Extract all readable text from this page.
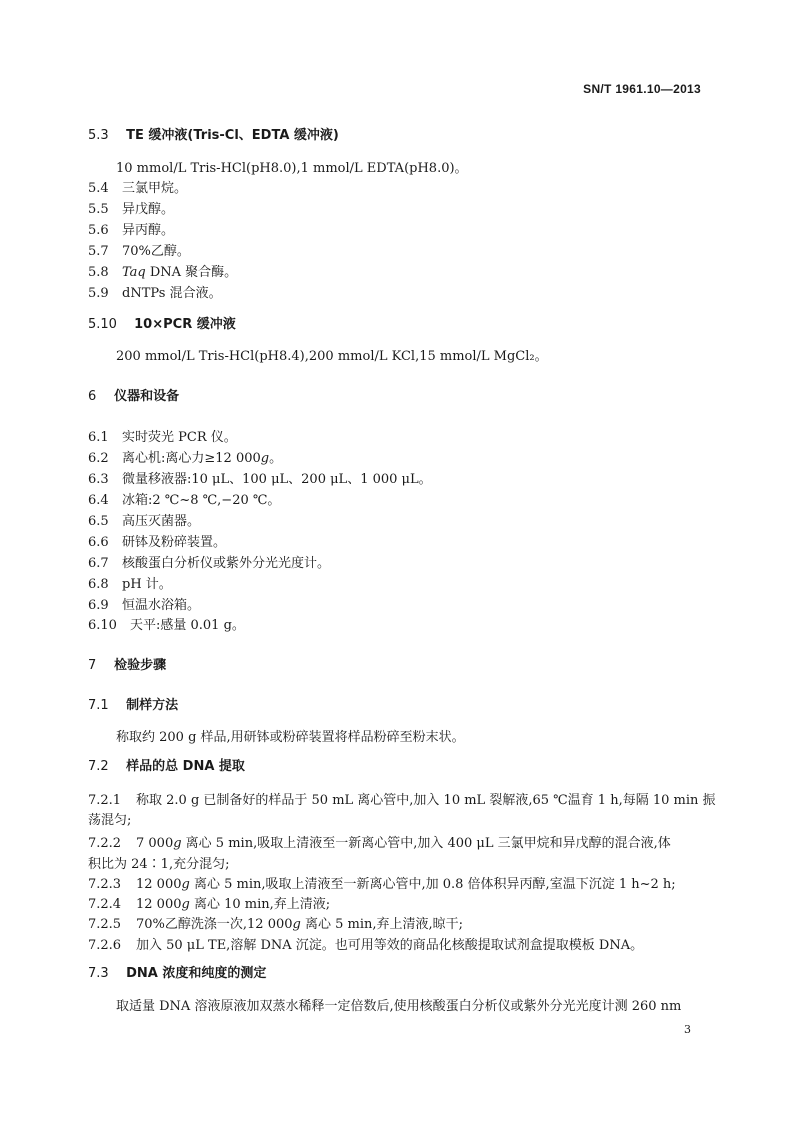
SN/T 1961.10—2013
5.3 TE 缓冲液(Tris-Cl、EDTA 缓冲液)
10 mmol/L Tris-HCl(pH8.0),1 mmol/L EDTA(pH8.0)。
5.4 三氯甲烷。
5.5 异戊醇。
5.6 异丙醇。
5.7 70%乙醇。
5.8 Taq DNA 聚合酶。
5.9 dNTPs 混合液。
5.10 10×PCR 缓冲液
200 mmol/L Tris-HCl(pH8.4),200 mmol/L KCl,15 mmol/L MgCl₂。
6 仪器和设备
6.1 实时荧光 PCR 仪。
6.2 离心机:离心力≥12 000g。
6.3 微量移液器:10 μL、100 μL、200 μL、1 000 μL。
6.4 冰箱:2 ℃~8 ℃,−20 ℃。
6.5 高压灭菌器。
6.6 研钵及粉碎装置。
6.7 核酸蛋白分析仪或紫外分光光度计。
6.8 pH 计。
6.9 恒温水浴箱。
6.10 天平:感量 0.01 g。
7 检验步骤
7.1 制样方法
称取约 200 g 样品,用研钵或粉碎装置将样品粉碎至粉末状。
7.2 样品的总 DNA 提取
7.2.1 称取 2.0 g 已制备好的样品于 50 mL 离心管中,加入 10 mL 裂解液,65 ℃温育 1 h,每隔 10 min 振
荡混匀;
7.2.2 7 000g 离心 5 min,吸取上清液至一新离心管中,加入 400 μL 三氯甲烷和异戊醇的混合液,体
积比为 24∶1,充分混匀;
7.2.3 12 000g 离心 5 min,吸取上清液至一新离心管中,加 0.8 倍体积异丙醇,室温下沉淀 1 h~2 h;
7.2.4 12 000g 离心 10 min,弃上清液;
7.2.5 70%乙醇洗涤一次,12 000g 离心 5 min,弃上清液,晾干;
7.2.6 加入 50 μL TE,溶解 DNA 沉淀。也可用等效的商品化核酸提取试剂盒提取模板 DNA。
7.3 DNA 浓度和纯度的测定
取适量 DNA 溶液原液加双蒸水稀释一定倍数后,使用核酸蛋白分析仪或紫外分光光度计测 260 nm
3
